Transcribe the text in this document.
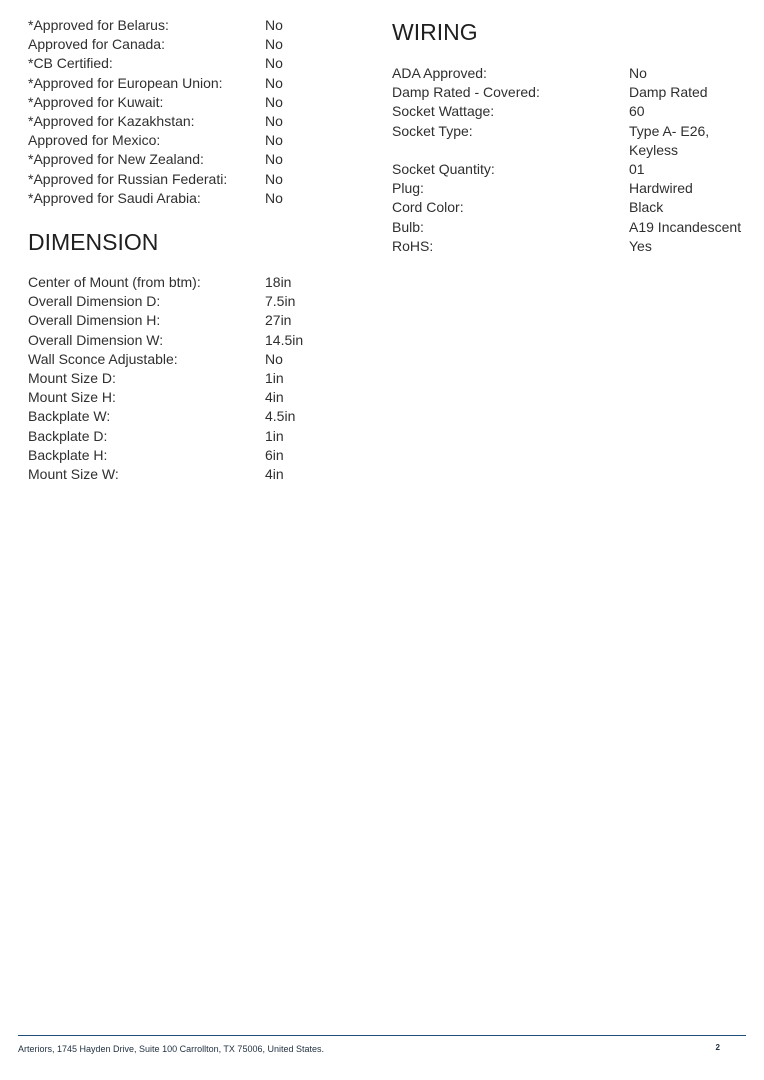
*Approved for Belarus:	No
Approved for Canada:	No
*CB Certified:	No
*Approved for European Union:	No
*Approved for Kuwait:	No
*Approved for Kazakhstan:	No
Approved for Mexico:	No
*Approved for New Zealand:	No
*Approved for Russian Federati:	No
*Approved for Saudi Arabia:	No
DIMENSION
Center of Mount (from btm):	18in
Overall Dimension D:	7.5in
Overall Dimension H:	27in
Overall Dimension W:	14.5in
Wall Sconce Adjustable:	No
Mount Size D:	1in
Mount Size H:	4in
Backplate W:	4.5in
Backplate D:	1in
Backplate H:	6in
Mount Size W:	4in
WIRING
ADA Approved:	No
Damp Rated - Covered:	Damp Rated
Socket Wattage:	60
Socket Type:	Type A- E26, Keyless
Socket Quantity:	01
Plug:	Hardwired
Cord Color:	Black
Bulb:	A19 Incandescent
RoHS:	Yes
Arteriors, 1745 Hayden Drive, Suite 100 Carrollton, TX 75006, United States.	2
